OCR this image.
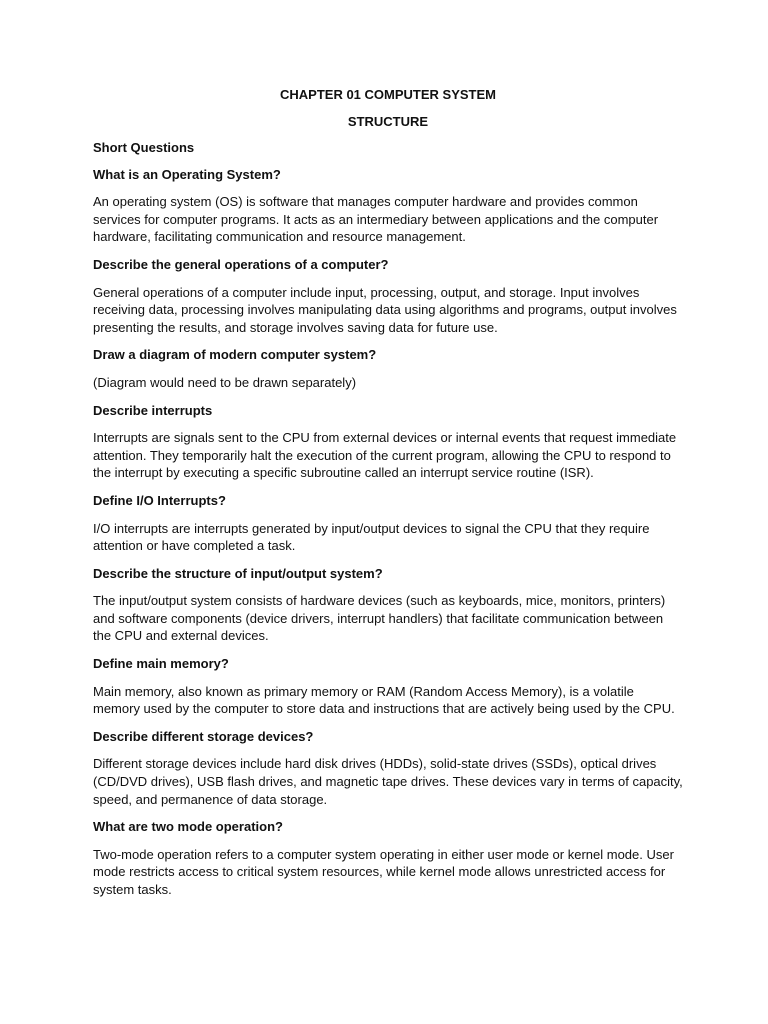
CHAPTER 01 COMPUTER SYSTEM

STRUCTURE

Short Questions

What is an Operating System?

An operating system (OS) is software that manages computer hardware and provides common services for computer programs. It acts as an intermediary between applications and the computer hardware, facilitating communication and resource management.

Describe the general operations of a computer?

General operations of a computer include input, processing, output, and storage. Input involves receiving data, processing involves manipulating data using algorithms and programs, output involves presenting the results, and storage involves saving data for future use.

Draw a diagram of modern computer system?

(Diagram would need to be drawn separately)

Describe interrupts

Interrupts are signals sent to the CPU from external devices or internal events that request immediate attention. They temporarily halt the execution of the current program, allowing the CPU to respond to the interrupt by executing a specific subroutine called an interrupt service routine (ISR).

Define I/O Interrupts?

I/O interrupts are interrupts generated by input/output devices to signal the CPU that they require attention or have completed a task.

Describe the structure of input/output system?

The input/output system consists of hardware devices (such as keyboards, mice, monitors, printers) and software components (device drivers, interrupt handlers) that facilitate communication between the CPU and external devices.

Define main memory?

Main memory, also known as primary memory or RAM (Random Access Memory), is a volatile memory used by the computer to store data and instructions that are actively being used by the CPU.

Describe different storage devices?

Different storage devices include hard disk drives (HDDs), solid-state drives (SSDs), optical drives (CD/DVD drives), USB flash drives, and magnetic tape drives. These devices vary in terms of capacity, speed, and permanence of data storage.

What are two mode operation?

Two-mode operation refers to a computer system operating in either user mode or kernel mode. User mode restricts access to critical system resources, while kernel mode allows unrestricted access for system tasks.
